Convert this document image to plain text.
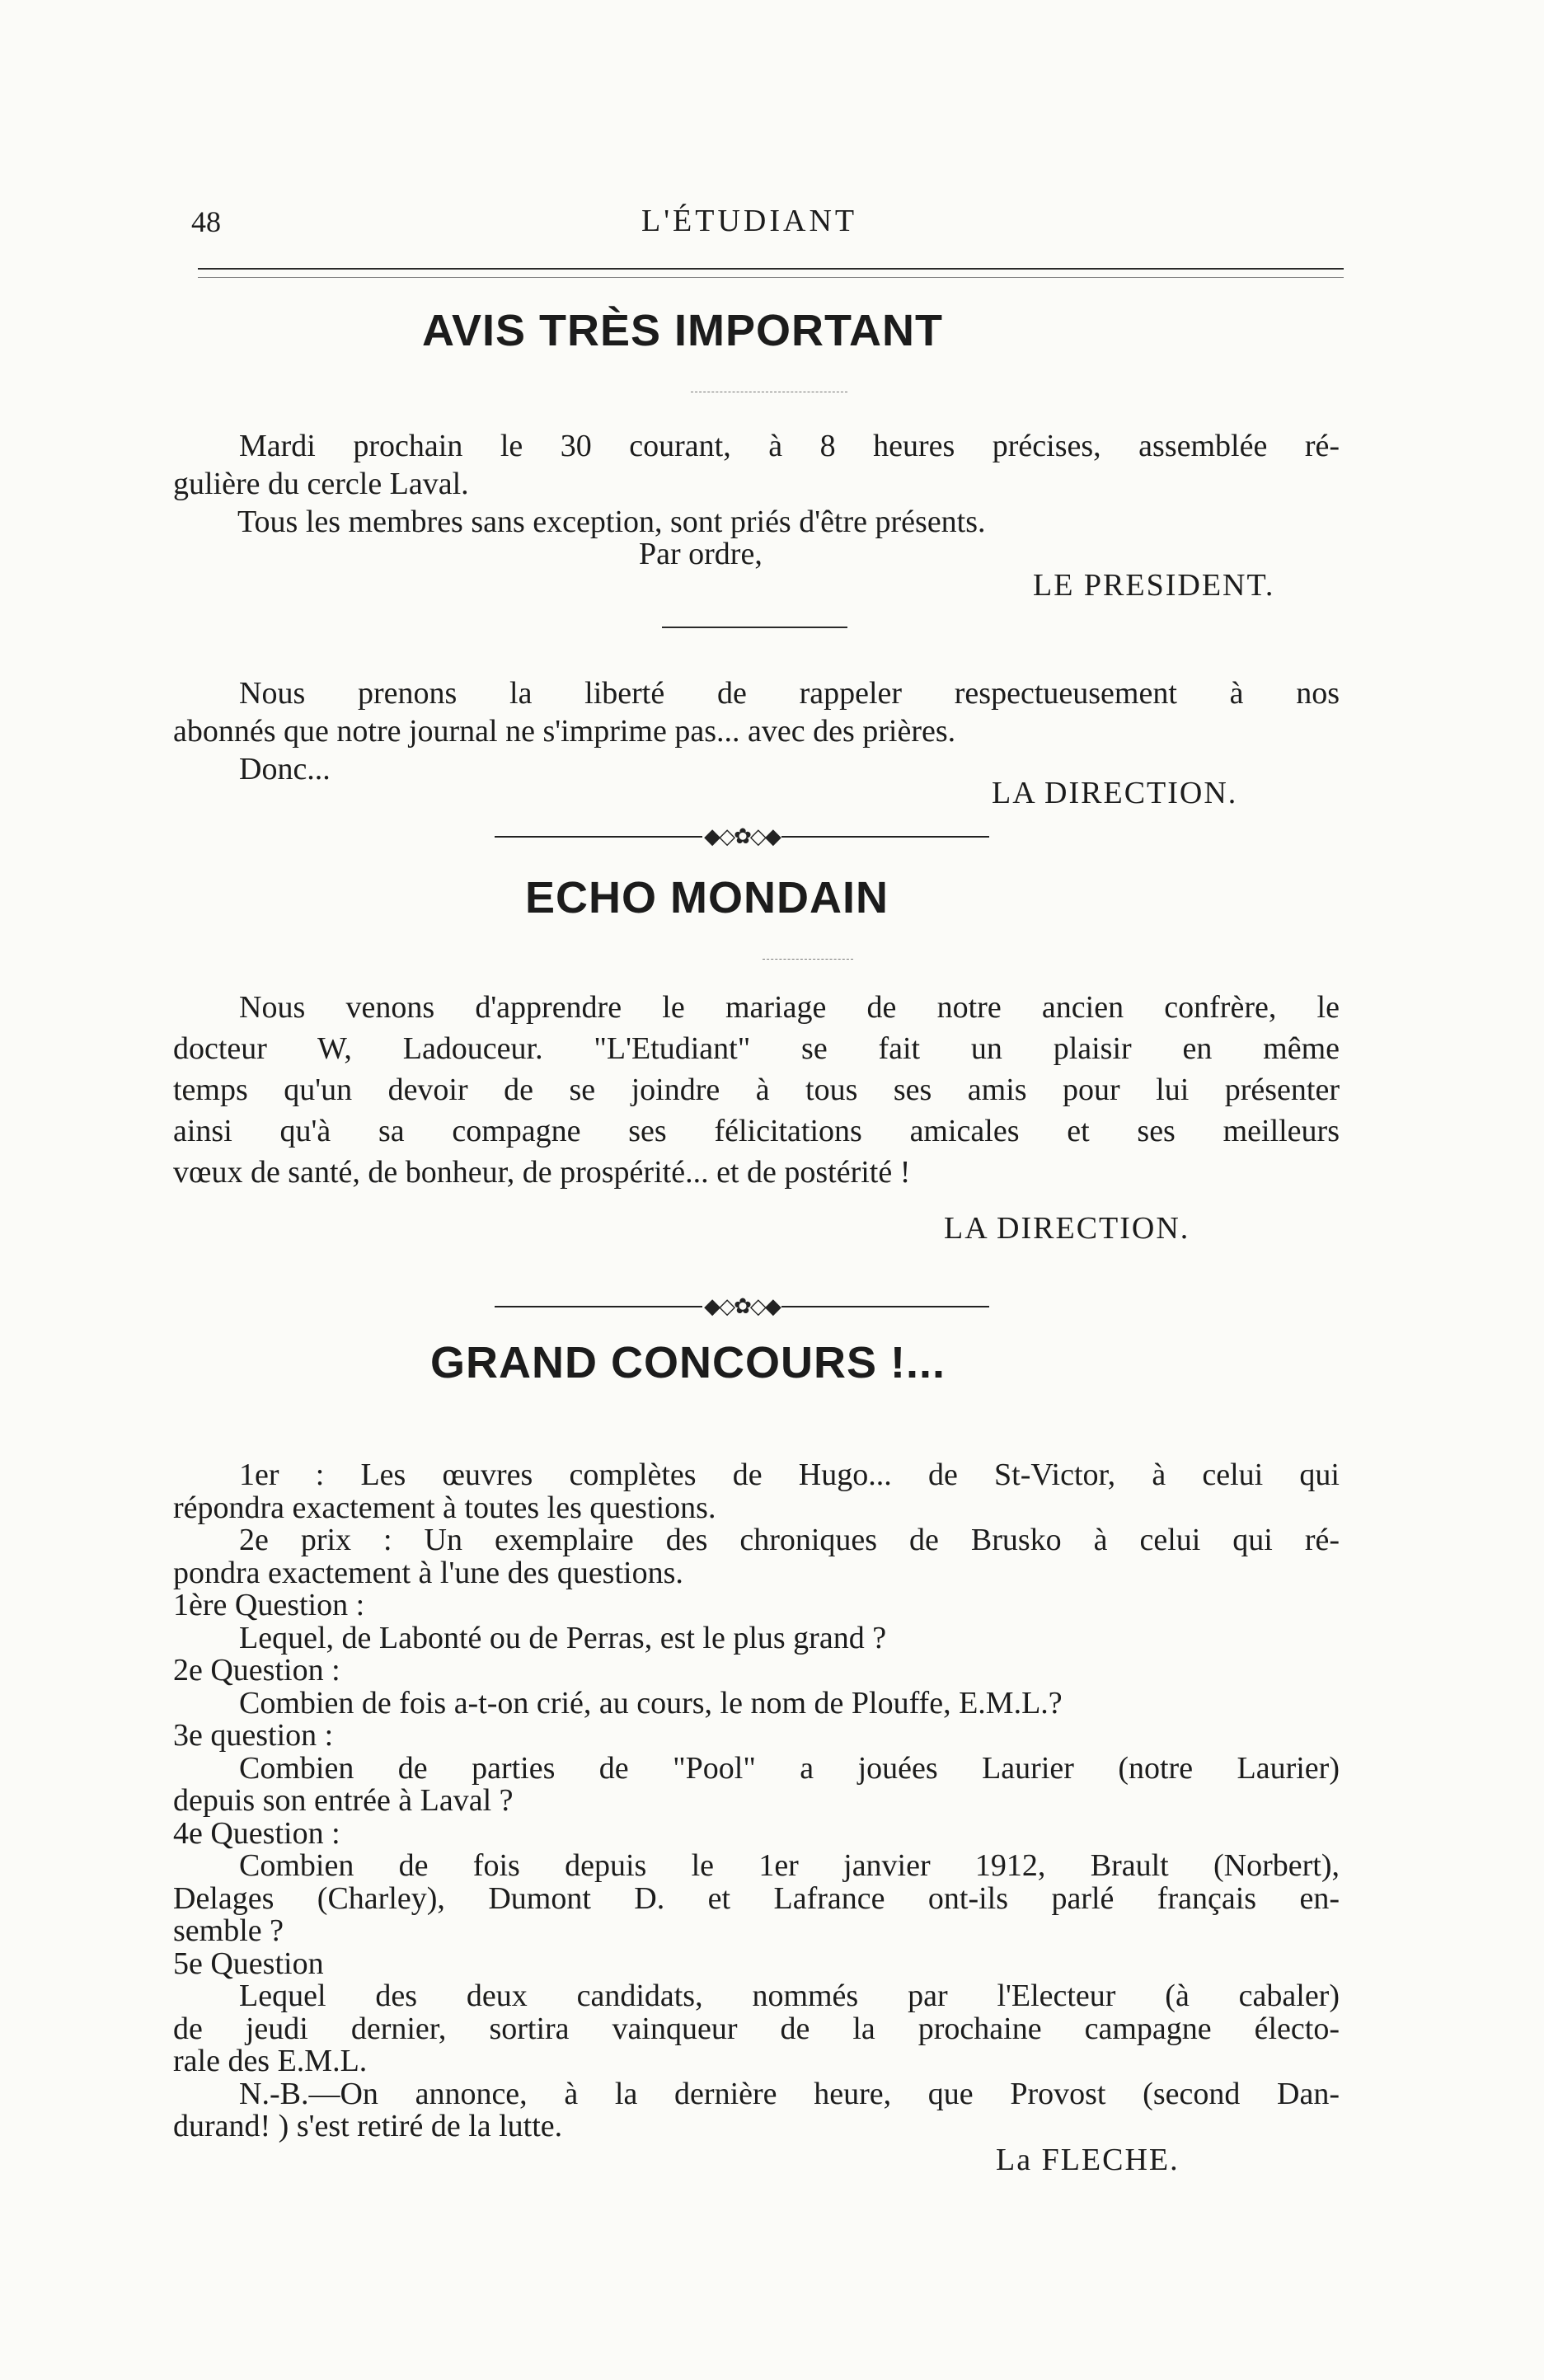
48	L'ÉTUDIANT
AVIS TRÈS IMPORTANT
Mardi prochain le 30 courant, à 8 heures précises, assemblée ré-
gulière du cercle Laval.
Tous les membres sans exception, sont priés d'être présents.
Par ordre,
LE PRESIDENT.
Nous prenons la liberté de rappeler respectueusement à nos
abonnés que notre journal ne s'imprime pas... avec des prières.
Donc...
LA DIRECTION.
◆◇✿◇◆
ECHO MONDAIN
Nous venons d'apprendre le mariage de notre ancien confrère, le
docteur W, Ladouceur. "L'Etudiant" se fait un plaisir en même
temps qu'un devoir de se joindre à tous ses amis pour lui présenter
ainsi qu'à sa compagne ses félicitations amicales et ses meilleurs
vœux de santé, de bonheur, de prospérité... et de postérité !
LA DIRECTION.
◆◇✿◇◆
GRAND CONCOURS !...
1er : Les œuvres complètes de Hugo... de St-Victor, à celui qui
répondra exactement à toutes les questions.
2e prix : Un exemplaire des chroniques de Brusko à celui qui ré-
pondra exactement à l'une des questions.
1ère Question :
Lequel, de Labonté ou de Perras, est le plus grand ?
2e Question :
Combien de fois a-t-on crié, au cours, le nom de Plouffe, E.M.L.?
3e question :
Combien de parties de "Pool" a jouées Laurier (notre Laurier)
depuis son entrée à Laval ?
4e Question :
Combien de fois depuis le 1er janvier 1912, Brault (Norbert),
Delages (Charley), Dumont D. et Lafrance ont-ils parlé français en-
semble ?
5e Question
Lequel des deux candidats, nommés par l'Electeur (à cabaler)
de jeudi dernier, sortira vainqueur de la prochaine campagne électo-
rale des E.M.L.
N.-B.—On annonce, à la dernière heure, que Provost (second Dan-
durand! ) s'est retiré de la lutte.
La FLECHE.
